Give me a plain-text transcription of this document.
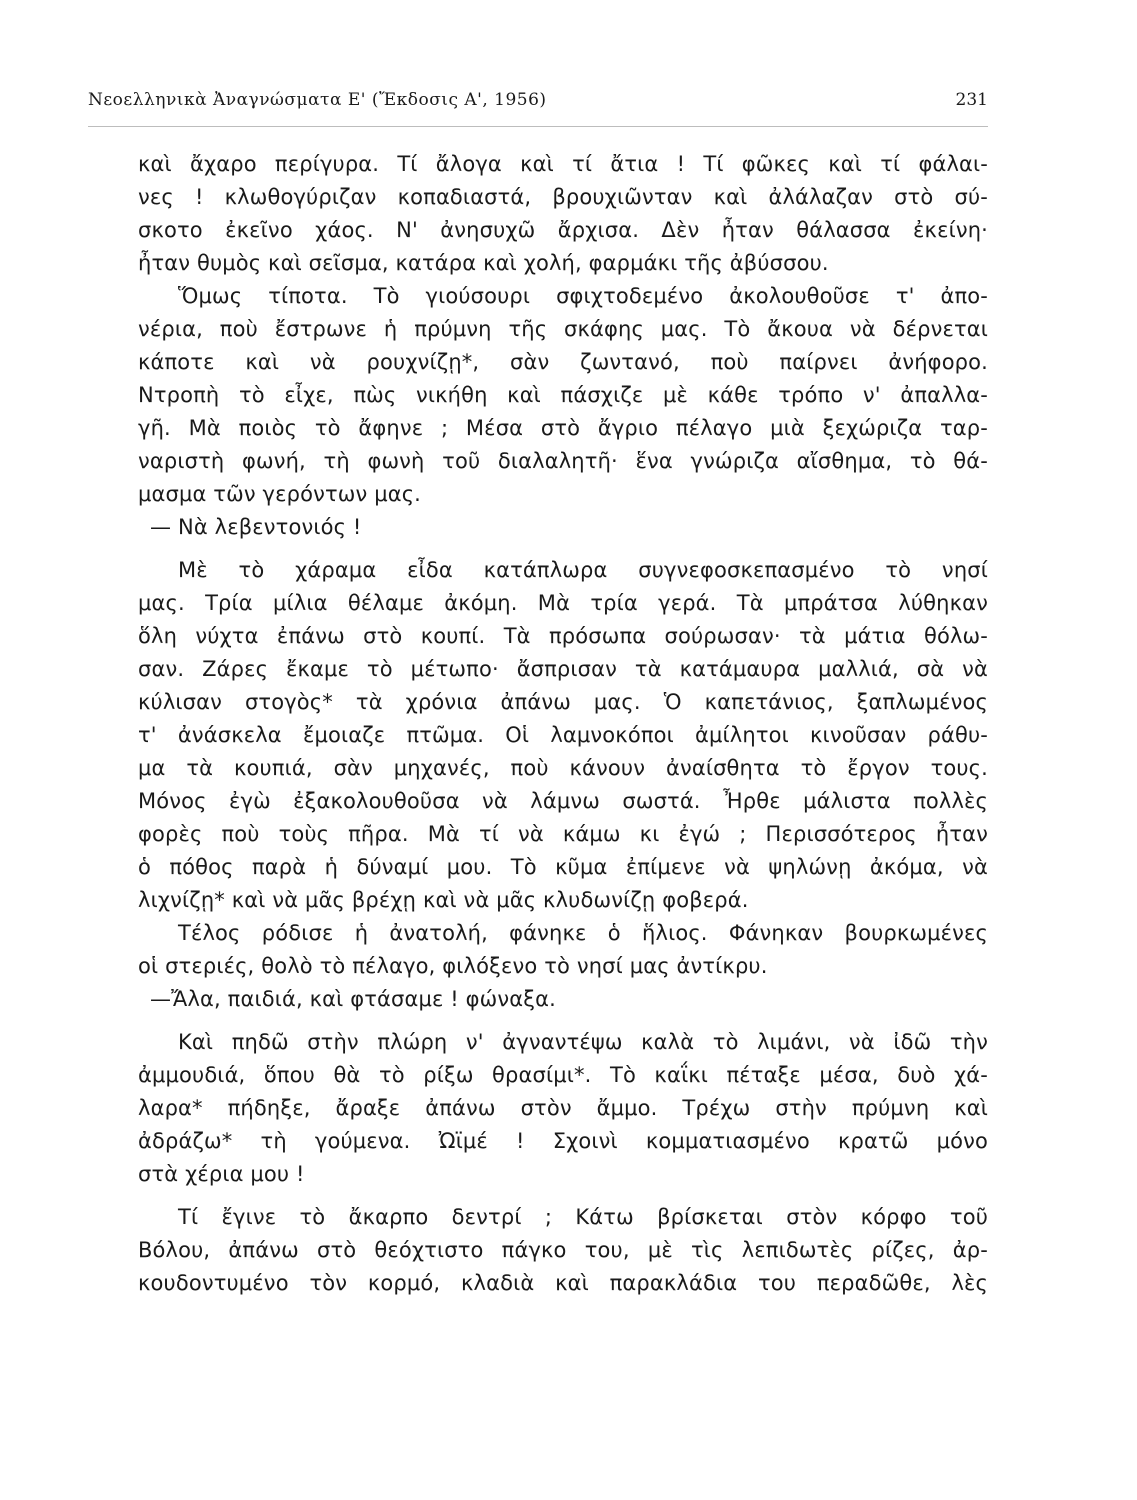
Νεοελληνικὰ Ἀναγνώσματα Ε' (Ἔκδοσις Α', 1956)	231
καὶ ἄχαρο περίγυρα. Τί ἄλογα καὶ τί ἄτια ! Τί φῶκες καὶ τί φάλαι-
νες ! κλωθογύριζαν κοπαδιαστά, βρουχιῶνταν καὶ ἀλάλαζαν στὸ σύ-
σκοτο ἐκεῖνο χάος. Ν' ἀνησυχῶ ἄρχισα. Δὲν ἦταν θάλασσα ἐκείνη·
ἦταν θυμὸς καὶ σεῖσμα, κατάρα καὶ χολή, φαρμάκι τῆς ἀβύσσου.
Ὅμως τίποτα. Τὸ γιούσουρι σφιχτοδεμένο ἀκολουθοῦσε τ' ἀπο-
νέρια, ποὺ ἔστρωνε ἡ πρύμνη τῆς σκάφης μας. Τὸ ἄκουα νὰ δέρνεται
κάποτε καὶ νὰ ρουχνίζῃ*, σὰν ζωντανό, ποὺ παίρνει ἀνήφορο.
Ντροπὴ τὸ εἶχε, πὼς νικήθη καὶ πάσχιζε μὲ κάθε τρόπο ν' ἀπαλλα-
γῆ. Μὰ ποιὸς τὸ ἄφηνε ; Μέσα στὸ ἄγριο πέλαγο μιὰ ξεχώριζα ταρ-
ναριστὴ φωνή, τὴ φωνὴ τοῦ διαλαλητῆ· ἕνα γνώριζα αἴσθημα, τὸ θά-
μασμα τῶν γερόντων μας.
— Νὰ λεβεντονιός !
Μὲ τὸ χάραμα εἶδα κατάπλωρα συγνεφοσκεπασμένο τὸ νησί
μας. Τρία μίλια θέλαμε ἀκόμη. Μὰ τρία γερά. Τὰ μπράτσα λύθηκαν
ὅλη νύχτα ἐπάνω στὸ κουπί. Τὰ πρόσωπα σούρωσαν· τὰ μάτια θόλω-
σαν. Ζάρες ἔκαμε τὸ μέτωπο· ἄσπρισαν τὰ κατάμαυρα μαλλιά, σὰ νὰ
κύλισαν στογὸς* τὰ χρόνια ἀπάνω μας. Ὁ καπετάνιος, ξαπλωμένος
τ' ἀνάσκελα ἔμοιαζε πτῶμα. Οἱ λαμνοκόποι ἀμίλητοι κινοῦσαν ράθυ-
μα τὰ κουπιά, σὰν μηχανές, ποὺ κάνουν ἀναίσθητα τὸ ἔργον τους.
Μόνος ἐγὼ ἐξακολουθοῦσα νὰ λάμνω σωστά. Ἦρθε μάλιστα πολλὲς
φορὲς ποὺ τοὺς πῆρα. Μὰ τί νὰ κάμω κι ἐγώ ; Περισσότερος ἦταν
ὁ πόθος παρὰ ἡ δύναμί μου. Τὸ κῦμα ἐπίμενε νὰ ψηλώνῃ ἀκόμα, νὰ
λιχνίζῃ* καὶ νὰ μᾶς βρέχῃ καὶ νὰ μᾶς κλυδωνίζῃ φοβερά.
Τέλος ρόδισε ἡ ἀνατολή, φάνηκε ὁ ἥλιος. Φάνηκαν βουρκωμένες
οἱ στεριές, θολὸ τὸ πέλαγο, φιλόξενο τὸ νησί μας ἀντίκρυ.
—Ἄλα, παιδιά, καὶ φτάσαμε ! φώναξα.
Καὶ πηδῶ στὴν πλώρη ν' ἀγναντέψω καλὰ τὸ λιμάνι, νὰ ἰδῶ τὴν
ἀμμουδιά, ὅπου θὰ τὸ ρίξω θρασίμι*. Τὸ καΐκι πέταξε μέσα, δυὸ χά-
λαρα* πήδηξε, ἄραξε ἀπάνω στὸν ἄμμο. Τρέχω στὴν πρύμνη καὶ
ἀδράζω* τὴ γούμενα. Ὠϊμέ ! Σχοινὶ κομματιασμένο κρατῶ μόνο
στὰ χέρια μου !
Τί ἔγινε τὸ ἄκαρπο δεντρί ; Κάτω βρίσκεται στὸν κόρφο τοῦ
Βόλου, ἀπάνω στὸ θεόχτιστο πάγκο του, μὲ τὶς λεπιδωτὲς ρίζες, ἀρ-
κουδοντυμένο τὸν κορμό, κλαδιὰ καὶ παρακλάδια του περαδῶθε, λὲς
